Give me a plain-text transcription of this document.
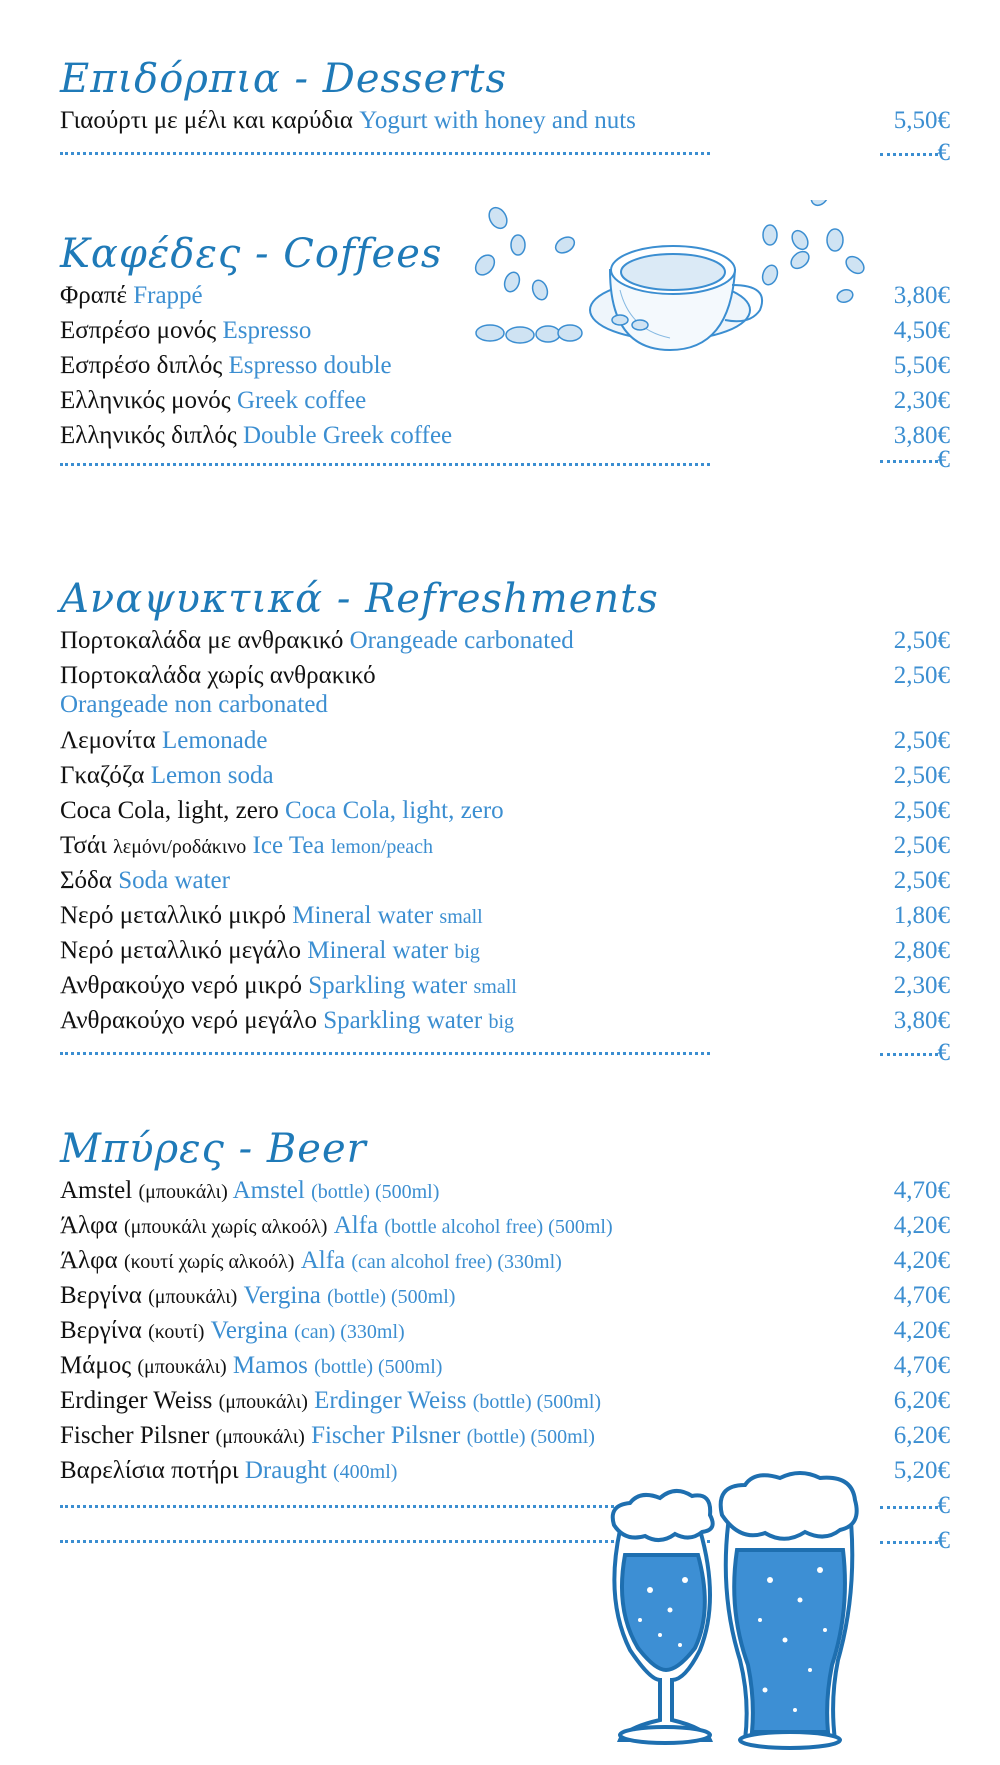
Επιδόρπια - Desserts
Γιαούρτι με μέλι και καρύδια Yogurt with honey and nuts	5,50€
€
Καφέδες - Coffees
Φραπέ Frappé	3,80€
Εσπρέσο μονός Espresso	4,50€
Εσπρέσο διπλός Espresso double	5,50€
Ελληνικός μονός Greek coffee	2,30€
Ελληνικός διπλός Double Greek coffee	3,80€
€
Αναψυκτικά - Refreshments
Πορτοκαλάδα με ανθρακικό Orangeade carbonated	2,50€
Πορτοκαλάδα χωρίς ανθρακικό
Orangeade non carbonated
2,50€
Λεμονίτα Lemonade	2,50€
Γκαζόζα Lemon soda	2,50€
Coca Cola, light, zero Coca Cola, light, zero	2,50€
Τσάι λεμόνι/ροδάκινο Ice Tea lemon/peach	2,50€
Σόδα Soda water	2,50€
Νερό μεταλλικό μικρό Mineral water small	1,80€
Νερό μεταλλικό μεγάλο Mineral water big	2,80€
Ανθρακούχο νερό μικρό Sparkling water small	2,30€
Ανθρακούχο νερό μεγάλο Sparkling water big	3,80€
€
Μπύρες - Beer
Amstel (μπουκάλι) Amstel (bottle) (500ml)	4,70€
Άλφα (μπουκάλι χωρίς αλκοόλ) Alfa (bottle alcohol free) (500ml)	4,20€
Άλφα (κουτί χωρίς αλκοόλ) Alfa (can alcohol free) (330ml)	4,20€
Βεργίνα (μπουκάλι) Vergina (bottle) (500ml)	4,70€
Βεργίνα (κουτί) Vergina (can) (330ml)	4,20€
Μάμος (μπουκάλι) Mamos (bottle) (500ml)	4,70€
Erdinger Weiss (μπουκάλι) Erdinger Weiss (bottle) (500ml)	6,20€
Fischer Pilsner (μπουκάλι) Fischer Pilsner (bottle) (500ml)	6,20€
Βαρελίσια ποτήρι Draught (400ml)	5,20€
€
€
